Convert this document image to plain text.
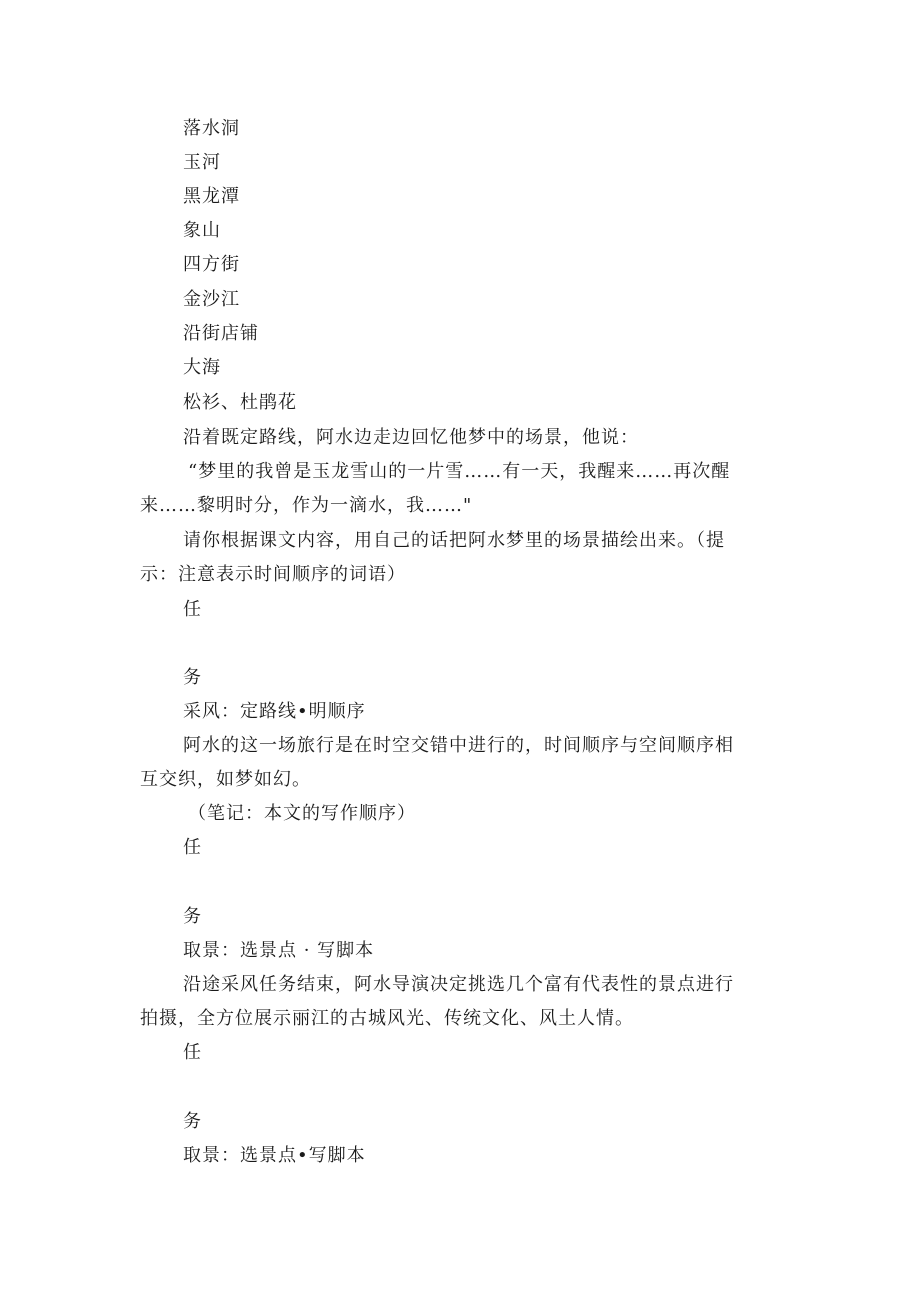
落水洞
玉河
黑龙潭
象山
四方街
金沙江
沿街店铺
大海
松衫、杜鹃花
沿着既定路线，阿水边走边回忆他梦中的场景，他说：
“梦里的我曾是玉龙雪山的一片雪……有一天，我醒来……再次醒
来……黎明时分，作为一滴水，我……"
请你根据课文内容，用自己的话把阿水梦里的场景描绘出来。（提
示：注意表示时间顺序的词语）
任
务
采风：定路线•明顺序
阿水的这一场旅行是在时空交错中进行的，时间顺序与空间顺序相
互交织，如梦如幻。
（笔记：本文的写作顺序）
任
务
取景：选景点 · 写脚本
沿途采风任务结束，阿水导演决定挑选几个富有代表性的景点进行
拍摄，全方位展示丽江的古城风光、传统文化、风土人情。
任
务
取景：选景点•写脚本
